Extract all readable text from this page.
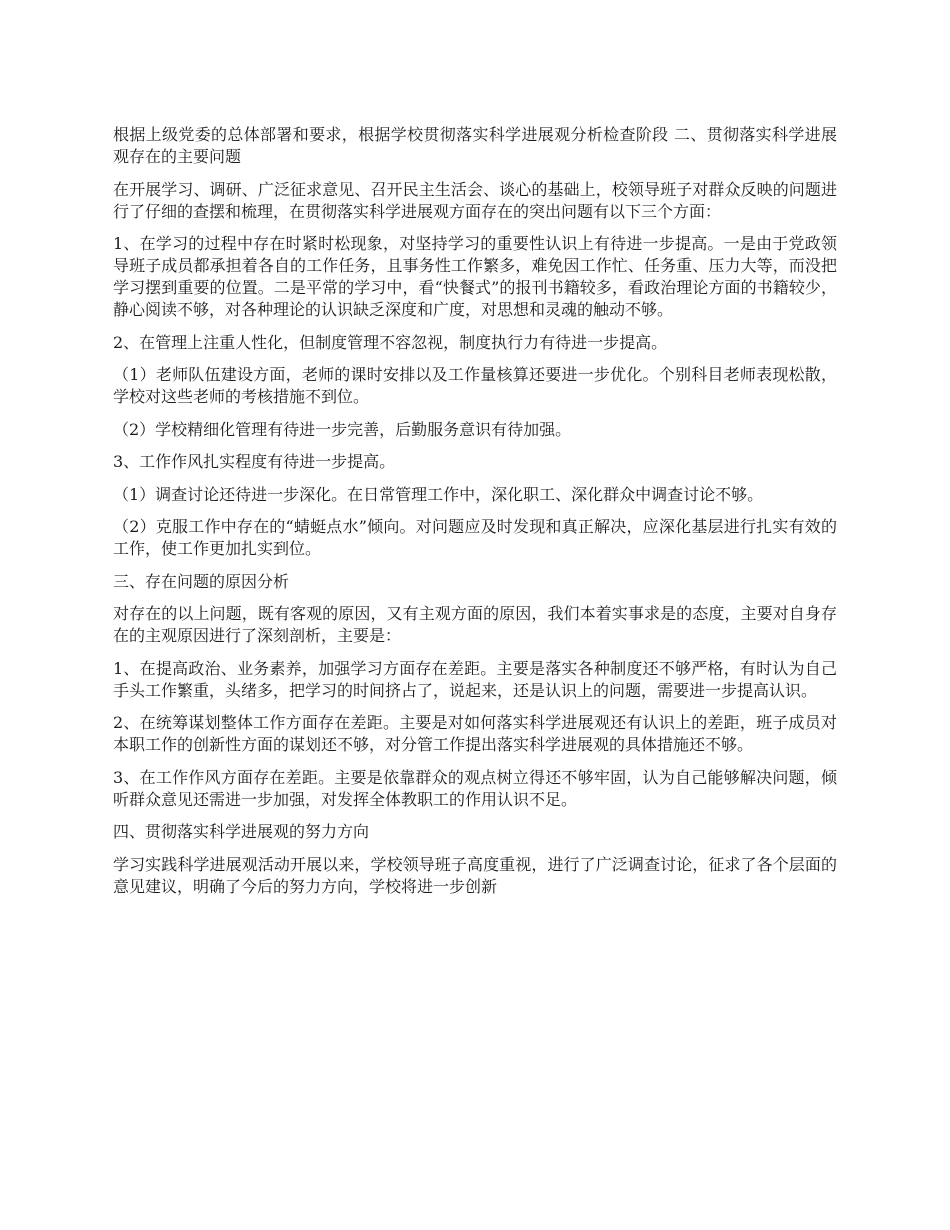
根据上级党委的总体部署和要求，根据学校贯彻落实科学进展观分析检查阶段 二、贯彻落实科学进展观存在的主要问题

在开展学习、调研、广泛征求意见、召开民主生活会、谈心的基础上，校领导班子对群众反映的问题进行了仔细的查摆和梳理，在贯彻落实科学进展观方面存在的突出问题有以下三个方面：

1、在学习的过程中存在时紧时松现象，对坚持学习的重要性认识上有待进一步提高。一是由于党政领导班子成员都承担着各自的工作任务，且事务性工作繁多，难免因工作忙、任务重、压力大等，而没把学习摆到重要的位置。二是平常的学习中，看“快餐式”的报刊书籍较多，看政治理论方面的书籍较少，静心阅读不够，对各种理论的认识缺乏深度和广度，对思想和灵魂的触动不够。

2、在管理上注重人性化，但制度管理不容忽视，制度执行力有待进一步提高。

（1）老师队伍建设方面，老师的课时安排以及工作量核算还要进一步优化。个别科目老师表现松散，学校对这些老师的考核措施不到位。

（2）学校精细化管理有待进一步完善，后勤服务意识有待加强。

3、工作作风扎实程度有待进一步提高。

（1）调查讨论还待进一步深化。在日常管理工作中，深化职工、深化群众中调查讨论不够。

（2）克服工作中存在的“蜻蜓点水”倾向。对问题应及时发现和真正解决，应深化基层进行扎实有效的工作，使工作更加扎实到位。

三、存在问题的原因分析

对存在的以上问题，既有客观的原因，又有主观方面的原因，我们本着实事求是的态度，主要对自身存在的主观原因进行了深刻剖析，主要是：

1、在提高政治、业务素养，加强学习方面存在差距。主要是落实各种制度还不够严格，有时认为自己手头工作繁重，头绪多，把学习的时间挤占了，说起来，还是认识上的问题，需要进一步提高认识。

2、在统筹谋划整体工作方面存在差距。主要是对如何落实科学进展观还有认识上的差距，班子成员对本职工作的创新性方面的谋划还不够，对分管工作提出落实科学进展观的具体措施还不够。

3、在工作作风方面存在差距。主要是依靠群众的观点树立得还不够牢固，认为自己能够解决问题，倾听群众意见还需进一步加强，对发挥全体教职工的作用认识不足。

四、贯彻落实科学进展观的努力方向

学习实践科学进展观活动开展以来，学校领导班子高度重视，进行了广泛调查讨论，征求了各个层面的意见建议，明确了今后的努力方向，学校将进一步创新
